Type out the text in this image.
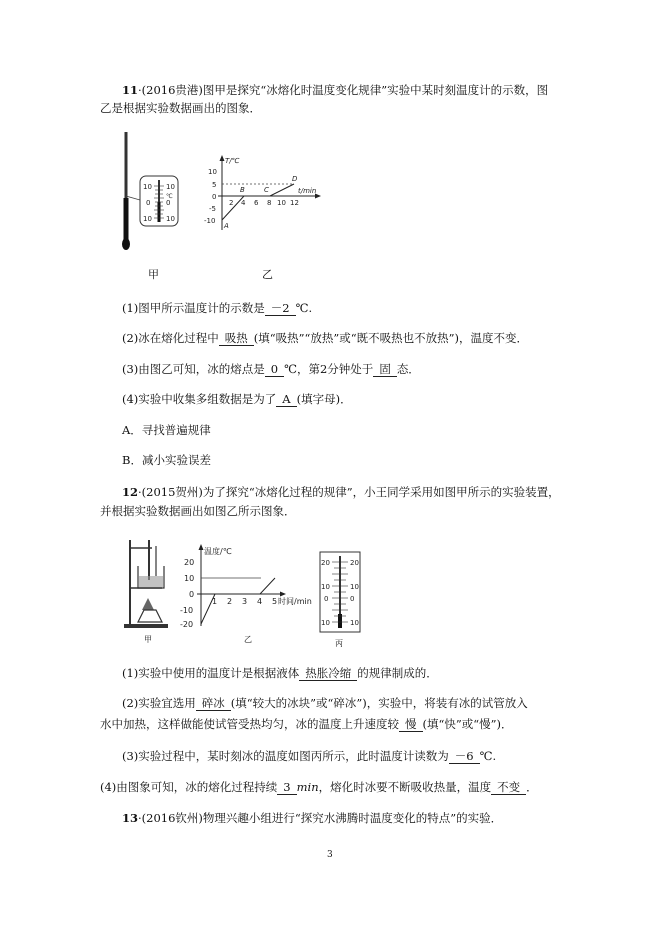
11·(2016贵港)图甲是探究“冰熔化时温度变化规律”实验中某时刻温度计的示数，图
乙是根据实验数据画出的图象．
10 10
℃
0 0
10 10
T/℃
t/min
10
5
0
-5
-10
2 4 6 8 10 12
A
B	C
D
甲	乙
(1)图甲所示温度计的示数是 －2 ℃.
(2)冰在熔化过程中 吸热 (填“吸热”“放热”或“既不吸热也不放热”)，温度不变．
(3)由图乙可知，冰的熔点是 0 ℃，第2分钟处于 固 态．
(4)实验中收集多组数据是为了 A (填字母)．
A．寻找普遍规律
B．减小实验误差
12·(2015贺州)为了探究“冰熔化过程的规律”，小王同学采用如图甲所示的实验装置，
并根据实验数据画出如图乙所示图象．
温度/℃
时间/min
20
10
0
-10
-20
1 2 3 4 5
20	20
10	10
0	0
10	10
甲	乙	丙
(1)实验中使用的温度计是根据液体 热胀冷缩 的规律制成的．
(2)实验宜选用 碎冰 (填“较大的冰块”或“碎冰”)，实验中，将装有冰的试管放入
水中加热，这样做能使试管受热均匀，冰的温度上升速度较 慢 (填“快”或“慢”)．
(3)实验过程中，某时刻冰的温度如图丙所示，此时温度计读数为 －6 ℃.
(4)由图象可知，冰的熔化过程持续 3 min，熔化时冰要不断吸收热量，温度 不变 ．
13·(2016钦州)物理兴趣小组进行“探究水沸腾时温度变化的特点”的实验．
3
